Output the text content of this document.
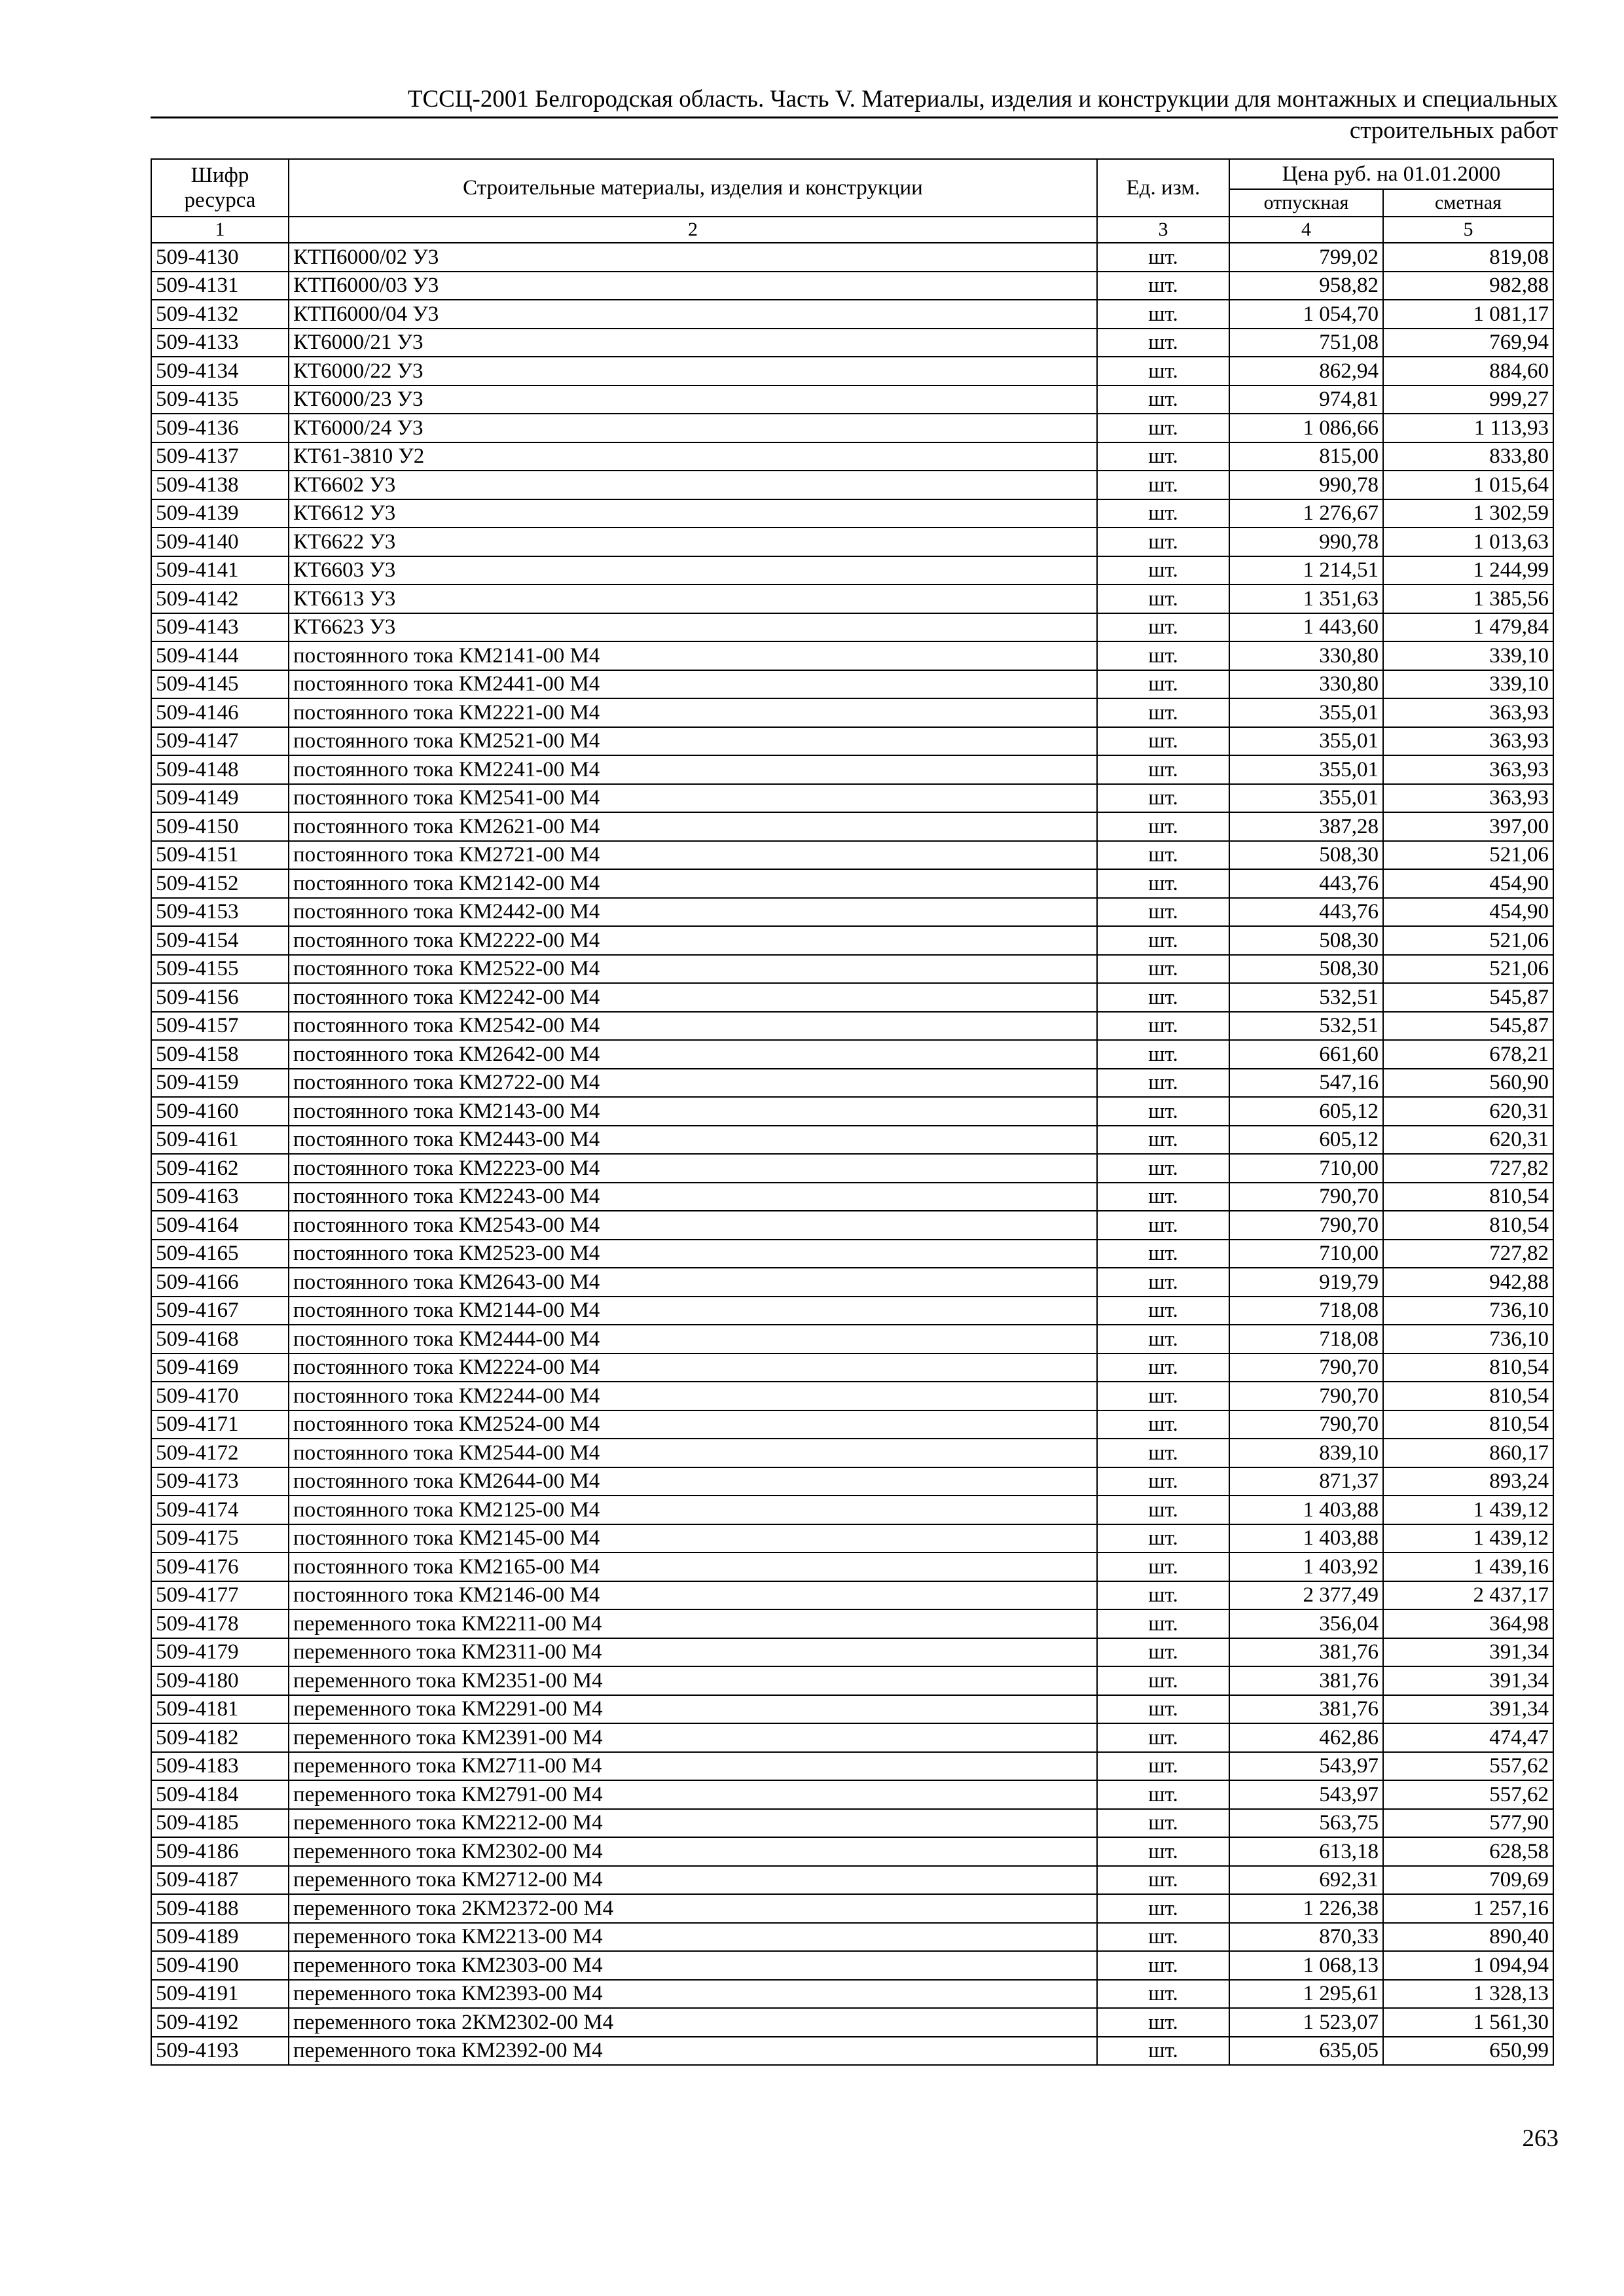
ТССЦ-2001 Белгородская область. Часть V. Материалы, изделия и конструкции для монтажных и специальных
строительных работ
Шифр ресурса	Строительные материалы, изделия и конструкции	Ед. изм.	Цена руб. на 01.01.2000	
			отпускная	сметная
1	2	3	4	5
509-4130	КТП6000/02 У3	шт.	799,02	819,08
509-4131	КТП6000/03 У3	шт.	958,82	982,88
509-4132	КТП6000/04 У3	шт.	1 054,70	1 081,17
509-4133	КТ6000/21 У3	шт.	751,08	769,94
509-4134	КТ6000/22 У3	шт.	862,94	884,60
509-4135	КТ6000/23 У3	шт.	974,81	999,27
509-4136	КТ6000/24 У3	шт.	1 086,66	1 113,93
509-4137	КТ61-3810 У2	шт.	815,00	833,80
509-4138	КТ6602 У3	шт.	990,78	1 015,64
509-4139	КТ6612 У3	шт.	1 276,67	1 302,59
509-4140	КТ6622 У3	шт.	990,78	1 013,63
509-4141	КТ6603 У3	шт.	1 214,51	1 244,99
509-4142	КТ6613 У3	шт.	1 351,63	1 385,56
509-4143	КТ6623 У3	шт.	1 443,60	1 479,84
509-4144	постоянного тока КМ2141-00 М4	шт.	330,80	339,10
509-4145	постоянного тока КМ2441-00 М4	шт.	330,80	339,10
509-4146	постоянного тока КМ2221-00 М4	шт.	355,01	363,93
509-4147	постоянного тока КМ2521-00 М4	шт.	355,01	363,93
509-4148	постоянного тока КМ2241-00 М4	шт.	355,01	363,93
509-4149	постоянного тока КМ2541-00 М4	шт.	355,01	363,93
509-4150	постоянного тока КМ2621-00 М4	шт.	387,28	397,00
509-4151	постоянного тока КМ2721-00 М4	шт.	508,30	521,06
509-4152	постоянного тока КМ2142-00 М4	шт.	443,76	454,90
509-4153	постоянного тока КМ2442-00 М4	шт.	443,76	454,90
509-4154	постоянного тока КМ2222-00 М4	шт.	508,30	521,06
509-4155	постоянного тока КМ2522-00 М4	шт.	508,30	521,06
509-4156	постоянного тока КМ2242-00 М4	шт.	532,51	545,87
509-4157	постоянного тока КМ2542-00 М4	шт.	532,51	545,87
509-4158	постоянного тока КМ2642-00 М4	шт.	661,60	678,21
509-4159	постоянного тока КМ2722-00 М4	шт.	547,16	560,90
509-4160	постоянного тока КМ2143-00 М4	шт.	605,12	620,31
509-4161	постоянного тока КМ2443-00 М4	шт.	605,12	620,31
509-4162	постоянного тока КМ2223-00 М4	шт.	710,00	727,82
509-4163	постоянного тока КМ2243-00 М4	шт.	790,70	810,54
509-4164	постоянного тока КМ2543-00 М4	шт.	790,70	810,54
509-4165	постоянного тока КМ2523-00 М4	шт.	710,00	727,82
509-4166	постоянного тока КМ2643-00 М4	шт.	919,79	942,88
509-4167	постоянного тока КМ2144-00 М4	шт.	718,08	736,10
509-4168	постоянного тока КМ2444-00 М4	шт.	718,08	736,10
509-4169	постоянного тока КМ2224-00 М4	шт.	790,70	810,54
509-4170	постоянного тока КМ2244-00 М4	шт.	790,70	810,54
509-4171	постоянного тока КМ2524-00 М4	шт.	790,70	810,54
509-4172	постоянного тока КМ2544-00 М4	шт.	839,10	860,17
509-4173	постоянного тока КМ2644-00 М4	шт.	871,37	893,24
509-4174	постоянного тока КМ2125-00 М4	шт.	1 403,88	1 439,12
509-4175	постоянного тока КМ2145-00 М4	шт.	1 403,88	1 439,12
509-4176	постоянного тока КМ2165-00 М4	шт.	1 403,92	1 439,16
509-4177	постоянного тока КМ2146-00 М4	шт.	2 377,49	2 437,17
509-4178	переменного тока КМ2211-00 М4	шт.	356,04	364,98
509-4179	переменного тока КМ2311-00 М4	шт.	381,76	391,34
509-4180	переменного тока КМ2351-00 М4	шт.	381,76	391,34
509-4181	переменного тока КМ2291-00 М4	шт.	381,76	391,34
509-4182	переменного тока КМ2391-00 М4	шт.	462,86	474,47
509-4183	переменного тока КМ2711-00 М4	шт.	543,97	557,62
509-4184	переменного тока КМ2791-00 М4	шт.	543,97	557,62
509-4185	переменного тока КМ2212-00 М4	шт.	563,75	577,90
509-4186	переменного тока КМ2302-00 М4	шт.	613,18	628,58
509-4187	переменного тока КМ2712-00 М4	шт.	692,31	709,69
509-4188	переменного тока 2КМ2372-00 М4	шт.	1 226,38	1 257,16
509-4189	переменного тока КМ2213-00 М4	шт.	870,33	890,40
509-4190	переменного тока КМ2303-00 М4	шт.	1 068,13	1 094,94
509-4191	переменного тока КМ2393-00 М4	шт.	1 295,61	1 328,13
509-4192	переменного тока 2КМ2302-00 М4	шт.	1 523,07	1 561,30
509-4193	переменного тока КМ2392-00 М4	шт.	635,05	650,99
263
